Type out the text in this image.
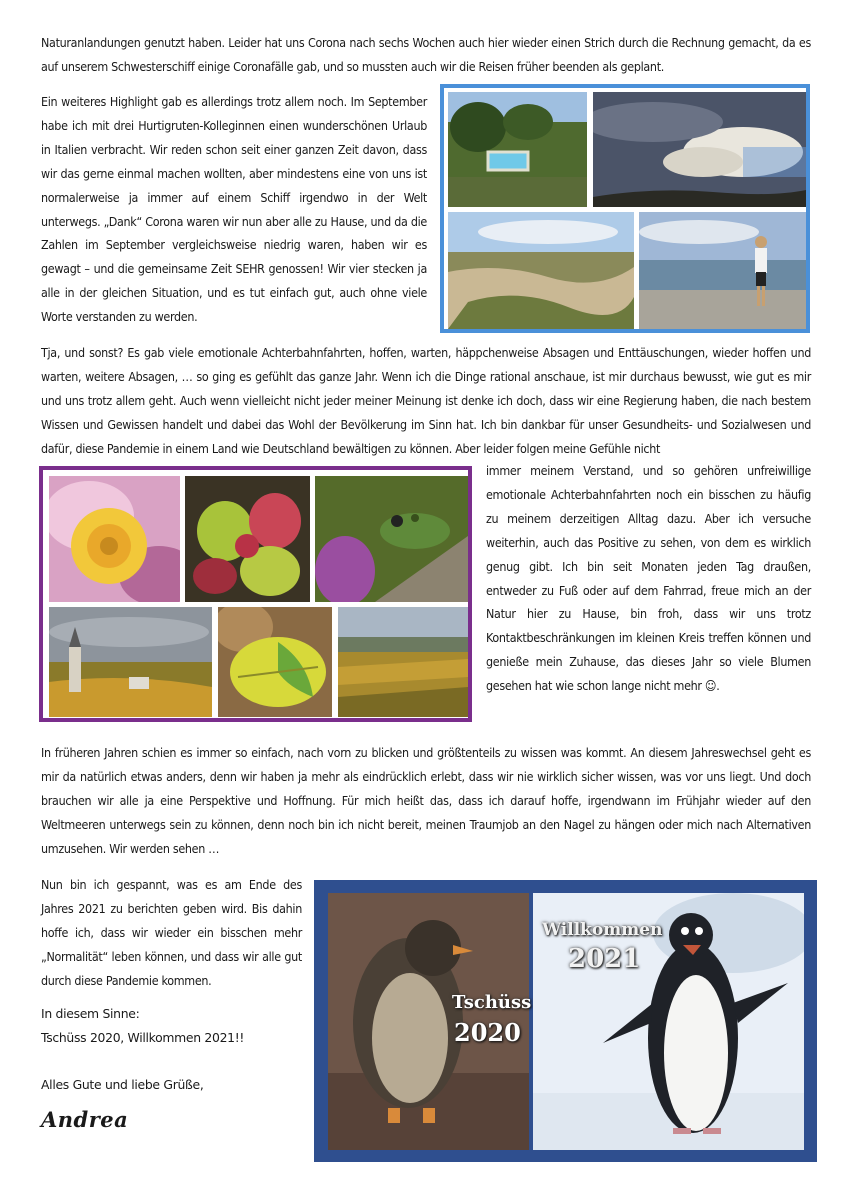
Naturanlandungen genutzt haben. Leider hat uns Corona nach sechs Wochen auch hier wieder einen Strich durch die Rechnung gemacht, da es auf unserem Schwesterschiff einige Coronafälle gab, und so mussten auch wir die Reisen früher beenden als geplant.

Ein weiteres Highlight gab es allerdings trotz allem noch. Im September habe ich mit drei Hurtigruten-Kolleginnen einen wunderschönen Urlaub in Italien verbracht. Wir reden schon seit einer ganzen Zeit davon, dass wir das gerne einmal machen wollten, aber mindestens eine von uns ist normalerweise ja immer auf einem Schiff irgendwo in der Welt unterwegs. „Dank“ Corona waren wir nun aber alle zu Hause, und da die Zahlen im September vergleichsweise niedrig waren, haben wir es gewagt – und die gemeinsame Zeit SEHR genossen! Wir vier stecken ja alle in der gleichen Situation, und es tut einfach gut, auch ohne viele Worte verstanden zu werden.

Tja, und sonst? Es gab viele emotionale Achterbahnfahrten, hoffen, warten, häppchenweise Absagen und Enttäuschungen, wieder hoffen und warten, weitere Absagen, … so ging es gefühlt das ganze Jahr. Wenn ich die Dinge rational anschaue, ist mir durchaus bewusst, wie gut es mir und uns trotz allem geht. Auch wenn vielleicht nicht jeder meiner Meinung ist denke ich doch, dass wir eine Regierung haben, die nach bestem Wissen und Gewissen handelt und dabei das Wohl der Bevölkerung im Sinn hat. Ich bin dankbar für unser Gesundheits- und Sozialwesen und dafür, diese Pandemie in einem Land wie Deutschland bewältigen zu können. Aber leider folgen meine Gefühle nicht

immer meinem Verstand, und so gehören unfreiwillige emotionale Achterbahnfahrten noch ein bisschen zu häufig zu meinem derzeitigen Alltag dazu. Aber ich versuche weiterhin, auch das Positive zu sehen, von dem es wirklich genug gibt. Ich bin seit Monaten jeden Tag draußen, entweder zu Fuß oder auf dem Fahrrad, freue mich an der Natur hier zu Hause, bin froh, dass wir uns trotz Kontaktbeschränkungen im kleinen Kreis treffen können und genieße mein Zuhause, das dieses Jahr so viele Blumen gesehen hat wie schon lange nicht mehr ☺.

In früheren Jahren schien es immer so einfach, nach vorn zu blicken und größtenteils zu wissen was kommt. An diesem Jahreswechsel geht es mir da natürlich etwas anders, denn wir haben ja mehr als eindrücklich erlebt, dass wir nie wirklich sicher wissen, was vor uns liegt. Und doch brauchen wir alle ja eine Perspektive und Hoffnung. Für mich heißt das, dass ich darauf hoffe, irgendwann im Frühjahr wieder auf den Weltmeeren unterwegs sein zu können, denn noch bin ich nicht bereit, meinen Traumjob an den Nagel zu hängen oder mich nach Alternativen umzusehen. Wir werden sehen …

Nun bin ich gespannt, was es am Ende des Jahres 2021 zu berichten geben wird. Bis dahin hoffe ich, dass wir wieder ein bisschen mehr „Normalität“ leben können, und dass wir alle gut durch diese Pandemie kommen.

In diesem Sinne:

Tschüss 2020, Willkommen 2021!!

Alles Gute und liebe Grüße,

Andrea
Tschüss
2020
Willkommen
2021
